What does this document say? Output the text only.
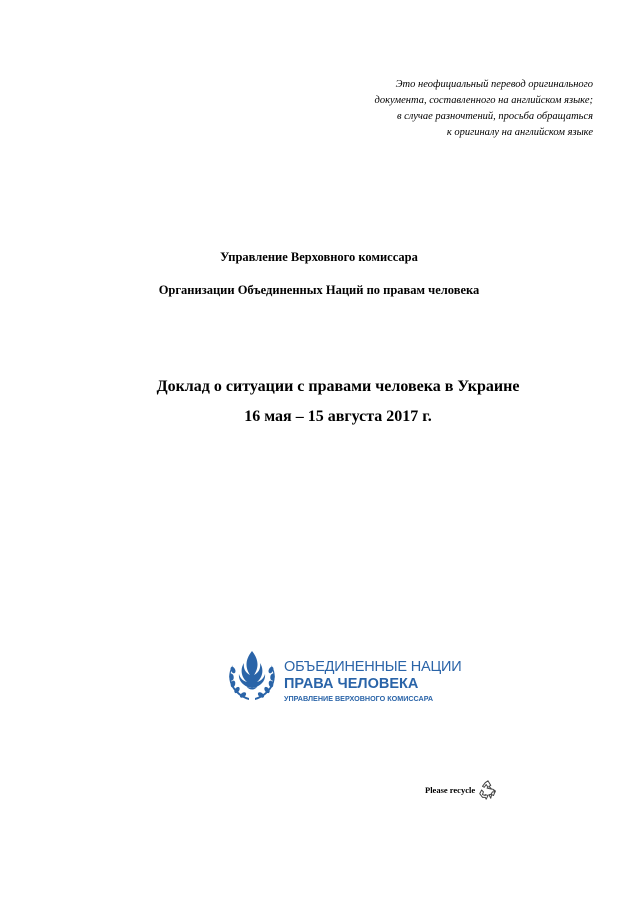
Это неофициальный перевод оригинального
документа, составленного на английском языке;
в случае разночтений, просьба обращаться
к оригиналу на английском языке
Управление Верховного комиссара
Организации Объединенных Наций по правам человека
Доклад о ситуации с правами человека в Украине
16 мая – 15 августа 2017 г.
ОБЪЕДИНЕННЫЕ НАЦИИ
ПРАВА ЧЕЛОВЕКА
УПРАВЛЕНИЕ ВЕРХОВНОГО КОМИССАРА
Please recycle
